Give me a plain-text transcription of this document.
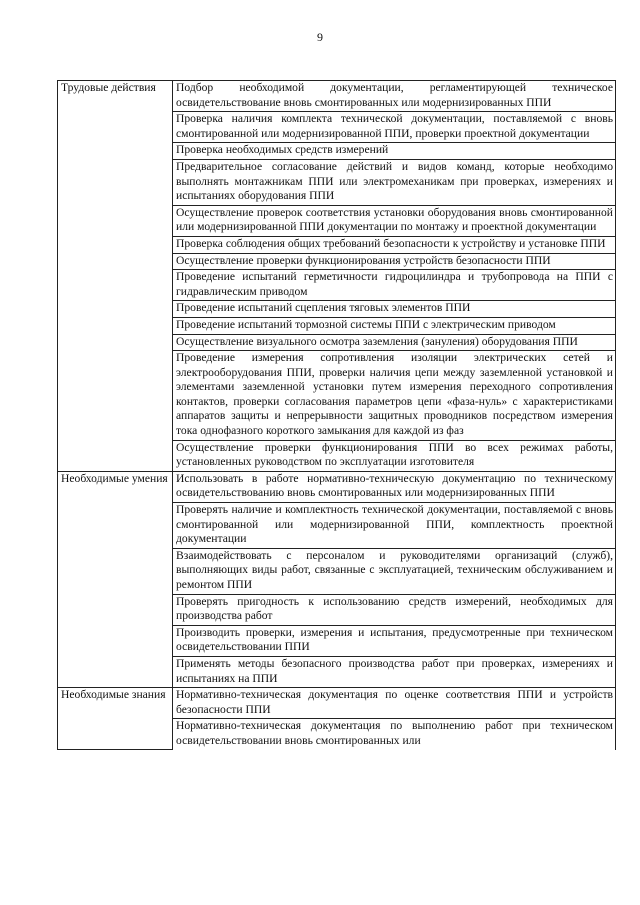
9
Трудовые действия	Подбор необходимой документации, регламентирующей техническое освидетельствование вновь смонтированных или модернизированных ППИ
	Проверка наличия комплекта технической документации, поставляемой с вновь смонтированной или модернизированной ППИ, проверки проектной документации
	Проверка необходимых средств измерений
	Предварительное согласование действий и видов команд, которые необходимо выполнять монтажникам ППИ или электромеханикам при проверках, измерениях и испытаниях оборудования ППИ
	Осуществление проверок соответствия установки оборудования вновь смонтированной или модернизированной ППИ документации по монтажу и проектной документации
	Проверка соблюдения общих требований безопасности к устройству и установке ППИ
	Осуществление проверки функционирования устройств безопасности ППИ
	Проведение испытаний герметичности гидроцилиндра и трубопровода на ППИ с гидравлическим приводом
	Проведение испытаний сцепления тяговых элементов ППИ
	Проведение испытаний тормозной системы ППИ с электрическим приводом
	Осуществление визуального осмотра заземления (зануления) оборудования ППИ
	Проведение измерения сопротивления изоляции электрических сетей и электрооборудования ППИ, проверки наличия цепи между заземленной установкой и элементами заземленной установки путем измерения переходного сопротивления контактов, проверки согласования параметров цепи «фаза-нуль» с характеристиками аппаратов защиты и непрерывности защитных проводников посредством измерения тока однофазного короткого замыкания для каждой из фаз
	Осуществление проверки функционирования ППИ во всех режимах работы, установленных руководством по эксплуатации изготовителя
Необходимые умения	Использовать в работе нормативно-техническую документацию по техническому освидетельствованию вновь смонтированных или модернизированных ППИ
	Проверять наличие и комплектность технической документации, поставляемой с вновь смонтированной или модернизированной ППИ, комплектность проектной документации
	Взаимодействовать с персоналом и руководителями организаций (служб), выполняющих виды работ, связанные с эксплуатацией, техническим обслуживанием и ремонтом ППИ
	Проверять пригодность к использованию средств измерений, необходимых для производства работ
	Производить проверки, измерения и испытания, предусмотренные при техническом освидетельствовании ППИ
	Применять методы безопасного производства работ при проверках, измерениях и испытаниях на ППИ
Необходимые знания	Нормативно-техническая документация по оценке соответствия ППИ и устройств безопасности ППИ
	Нормативно-техническая документация по выполнению работ при техническом освидетельствовании вновь смонтированных или
